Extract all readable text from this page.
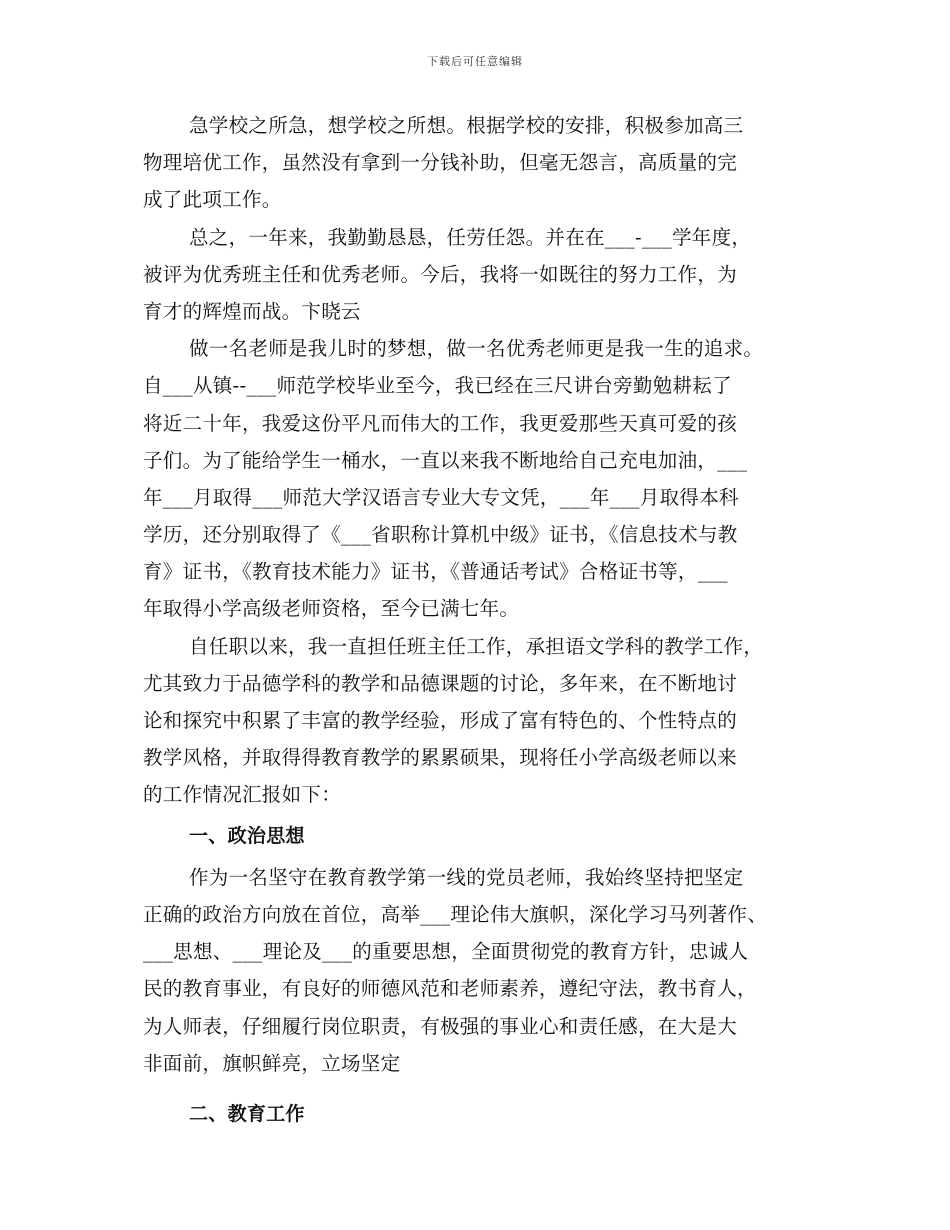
下载后可任意编辑
急学校之所急，想学校之所想。根据学校的安排，积极参加高三
物理培优工作，虽然没有拿到一分钱补助，但毫无怨言，高质量的完
成了此项工作。
总之，一年来，我勤勤恳恳，任劳任怨。并在在___-___学年度，
被评为优秀班主任和优秀老师。今后，我将一如既往的努力工作，为
育才的辉煌而战。卞晓云
做一名老师是我儿时的梦想，做一名优秀老师更是我一生的追求。
自___从镇--___师范学校毕业至今，我已经在三尺讲台旁勤勉耕耘了
将近二十年，我爱这份平凡而伟大的工作，我更爱那些天真可爱的孩
子们。为了能给学生一桶水，一直以来我不断地给自己充电加油，___
年___月取得___师范大学汉语言专业大专文凭，___年___月取得本科
学历，还分别取得了《___省职称计算机中级》证书，《信息技术与教
育》证书，《教育技术能力》证书，《普通话考试》合格证书等，___
年取得小学高级老师资格，至今已满七年。
自任职以来，我一直担任班主任工作，承担语文学科的教学工作，
尤其致力于品德学科的教学和品德课题的讨论，多年来，在不断地讨
论和探究中积累了丰富的教学经验，形成了富有特色的、个性特点的
教学风格，并取得得教育教学的累累硕果，现将任小学高级老师以来
的工作情况汇报如下：
一、政治思想
作为一名坚守在教育教学第一线的党员老师，我始终坚持把坚定
正确的政治方向放在首位，高举___理论伟大旗帜，深化学习马列著作、
___思想、___理论及___的重要思想，全面贯彻党的教育方针，忠诚人
民的教育事业，有良好的师德风范和老师素养，遵纪守法，教书育人，
为人师表，仔细履行岗位职责，有极强的事业心和责任感，在大是大
非面前，旗帜鲜亮，立场坚定
二、教育工作
